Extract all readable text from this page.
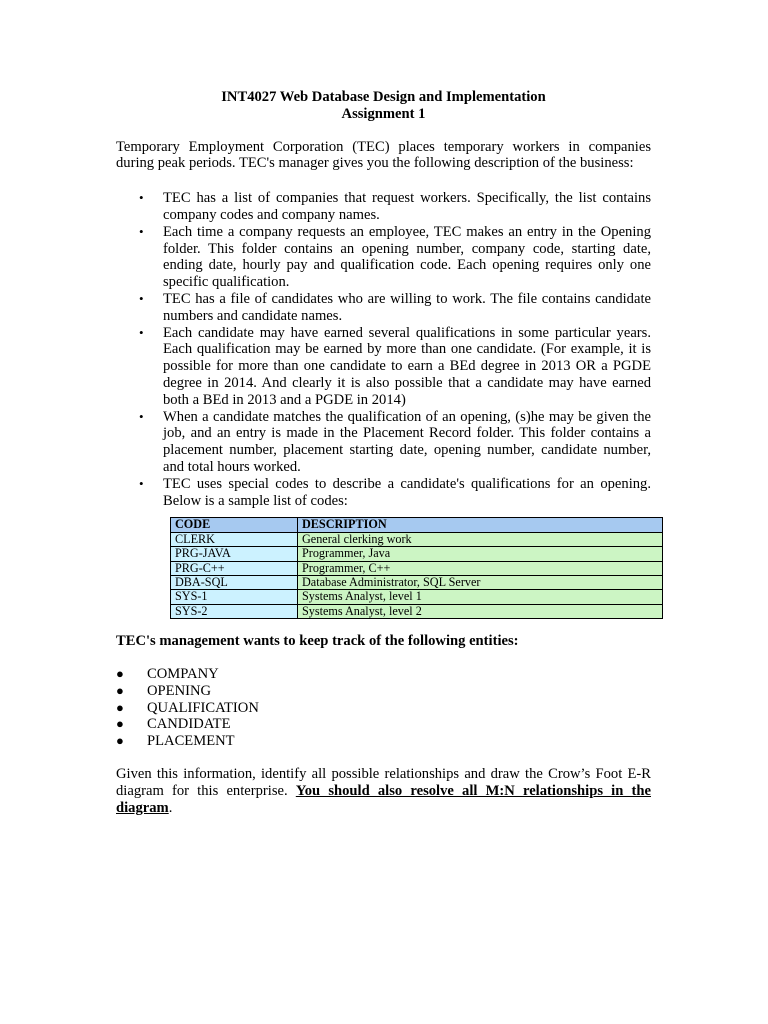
INT4027 Web Database Design and Implementation

Assignment 1

Temporary Employment Corporation (TEC) places temporary workers in companies during peak periods. TEC's manager gives you the following description of the business:

• TEC has a list of companies that request workers. Specifically, the list contains company codes and company names.
• Each time a company requests an employee, TEC makes an entry in the Opening folder. This folder contains an opening number, company code, starting date, ending date, hourly pay and qualification code. Each opening requires only one specific qualification.
• TEC has a file of candidates who are willing to work. The file contains candidate numbers and candidate names.
• Each candidate may have earned several qualifications in some particular years. Each qualification may be earned by more than one candidate. (For example, it is possible for more than one candidate to earn a BEd degree in 2013 OR a PGDE degree in 2014. And clearly it is also possible that a candidate may have earned both a BEd in 2013 and a PGDE in 2014)
• When a candidate matches the qualification of an opening, (s)he may be given the job, and an entry is made in the Placement Record folder. This folder contains a placement number, placement starting date, opening number, candidate number, and total hours worked.
• TEC uses special codes to describe a candidate's qualifications for an opening. Below is a sample list of codes:
CODE	DESCRIPTION
CLERK	General clerking work
PRG-JAVA	Programmer, Java
PRG-C++	Programmer, C++
DBA-SQL	Database Administrator, SQL Server
SYS-1	Systems Analyst, level 1
SYS-2	Systems Analyst, level 2

TEC's management wants to keep track of the following entities:

● COMPANY
● OPENING
● QUALIFICATION
● CANDIDATE
● PLACEMENT

Given this information, identify all possible relationships and draw the Crow’s Foot E-R diagram for this enterprise. You should also resolve all M:N relationships in the diagram.
